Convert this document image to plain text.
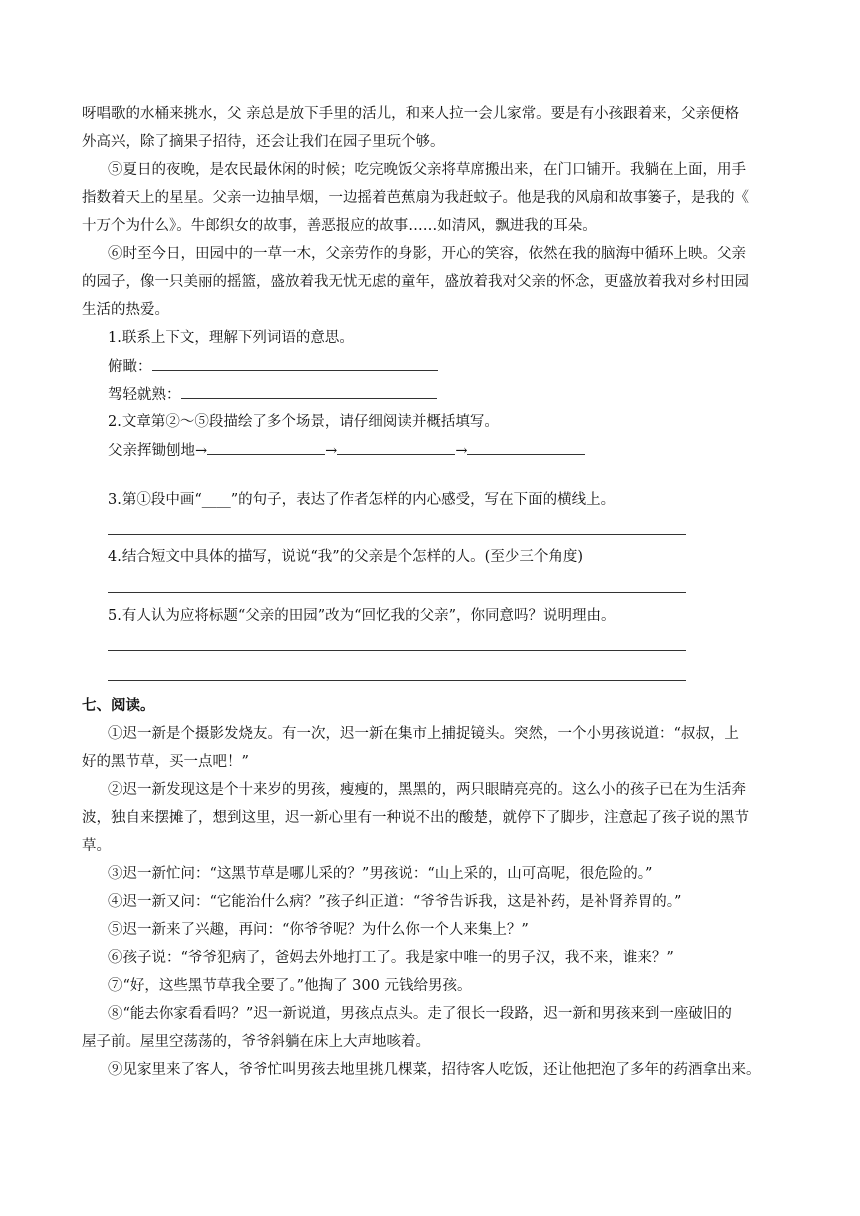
呀唱歌的水桶来挑水，父 亲总是放下手里的活儿，和来人拉一会儿家常。要是有小孩跟着来，父亲便格
外高兴，除了摘果子招待，还会让我们在园子里玩个够。
⑤夏日的夜晚，是农民最休闲的时候；吃完晚饭父亲将草席搬出来，在门口铺开。我躺在上面，用手
指数着天上的星星。父亲一边抽旱烟，一边摇着芭蕉扇为我赶蚊子。他是我的风扇和故事篓子，是我的《
十万个为什么》。牛郎织女的故事，善恶报应的故事……如清风，飘进我的耳朵。
⑥时至今日，田园中的一草一木，父亲劳作的身影，开心的笑容，依然在我的脑海中循环上映。父亲
的园子，像一只美丽的摇篮，盛放着我无忧无虑的童年，盛放着我对父亲的怀念，更盛放着我对乡村田园
生活的热爱。
1.联系上下文，理解下列词语的意思。
俯瞰：
驾轻就熟：
2.文章第②～⑤段描绘了多个场景，请仔细阅读并概括填写。
父亲挥锄刨地→	→	→
3.第①段中画“____”的句子，表达了作者怎样的内心感受，写在下面的横线上。
4.结合短文中具体的描写，说说“我”的父亲是个怎样的人。(至少三个角度)
5.有人认为应将标题“父亲的田园”改为“回忆我的父亲”，你同意吗？说明理由。
七、阅读。
①迟一新是个摄影发烧友。有一次，迟一新在集市上捕捉镜头。突然，一个小男孩说道：“叔叔，上
好的黑节草，买一点吧！”
②迟一新发现这是个十来岁的男孩，瘦瘦的，黑黑的，两只眼睛亮亮的。这么小的孩子已在为生活奔
波，独自来摆摊了，想到这里，迟一新心里有一种说不出的酸楚，就停下了脚步，注意起了孩子说的黑节
草。
③迟一新忙问：“这黑节草是哪儿采的？”男孩说：“山上采的，山可高呢，很危险的。”
④迟一新又问：“它能治什么病？”孩子纠正道：“爷爷告诉我，这是补药，是补肾养胃的。”
⑤迟一新来了兴趣，再问：“你爷爷呢？为什么你一个人来集上？”
⑥孩子说：“爷爷犯病了，爸妈去外地打工了。我是家中唯一的男子汉，我不来，谁来？”
⑦“好，这些黑节草我全要了。”他掏了 300 元钱给男孩。
⑧“能去你家看看吗？”迟一新说道，男孩点点头。走了很长一段路，迟一新和男孩来到一座破旧的
屋子前。屋里空荡荡的，爷爷斜躺在床上大声地咳着。
⑨见家里来了客人，爷爷忙叫男孩去地里挑几棵菜，招待客人吃饭，还让他把泡了多年的药酒拿出来。
